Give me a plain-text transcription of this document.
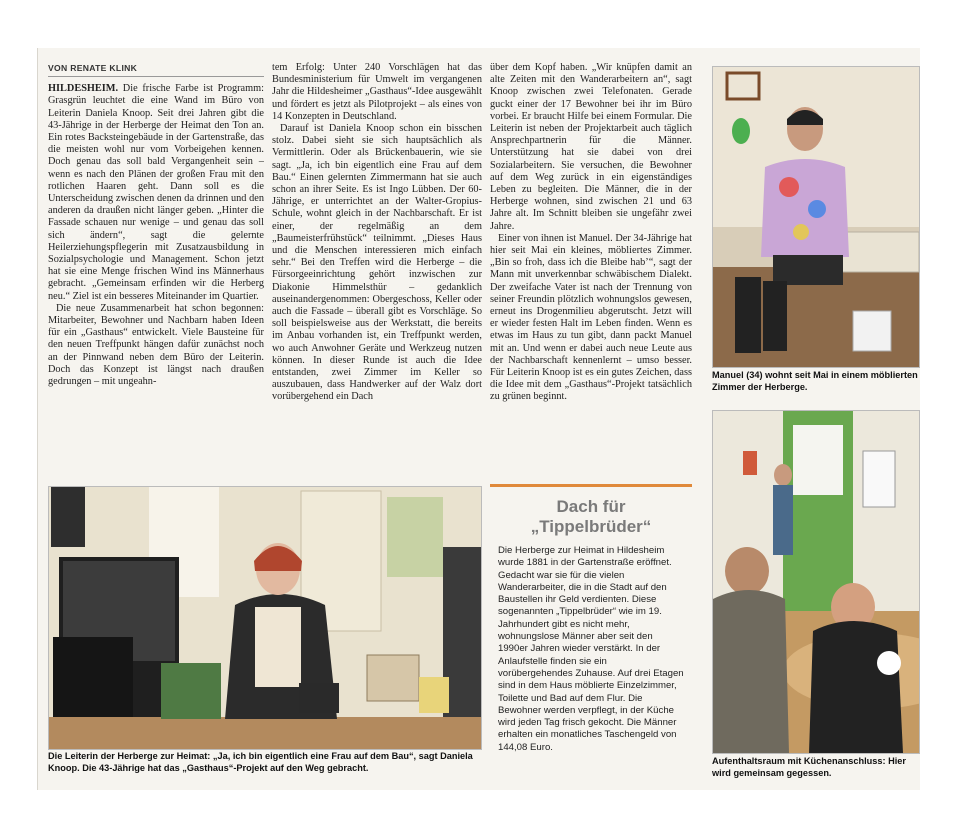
VON RENATE KLINK

HILDESHEIM. Die frische Farbe ist Programm: Grasgrün leuchtet die eine Wand im Büro von Leiterin Daniela Knoop. Seit drei Jahren gibt die 43-Jährige in der Herberge der Heimat den Ton an. Ein rotes Backsteingebäude in der Gartenstraße, das die meisten wohl nur vom Vorbeigehen kennen. Doch genau das soll bald Vergangenheit sein – wenn es nach den Plänen der großen Frau mit den rotlichen Haaren geht. Dann soll es die Unterscheidung zwischen denen da drinnen und den anderen da draußen nicht länger geben. „Hinter die Fassade schauen nur wenige – und genau das soll sich ändern“, sagt die gelernte Heilerziehungspflegerin mit Zusatzausbildung in Sozialpsychologie und Management. Schon jetzt hat sie eine Menge frischen Wind ins Männerhaus gebracht. „Gemeinsam erfinden wir die Herberg neu.“ Ziel ist ein besseres Miteinander im Quartier.

Die neue Zusammenarbeit hat schon begonnen: Mitarbeiter, Bewohner und Nachbarn haben Ideen für ein „Gasthaus“ entwickelt. Viele Bausteine für den neuen Treffpunkt hängen dafür zunächst noch an der Pinnwand neben dem Büro der Leiterin. Doch das Konzept ist längst nach draußen gedrungen – mit ungeahn-

tem Erfolg: Unter 240 Vorschlägen hat das Bundesministerium für Umwelt im vergangenen Jahr die Hildesheimer „Gasthaus“-Idee ausgewählt und fördert es jetzt als Pilotprojekt – als eines von 14 Konzepten in Deutschland.

Darauf ist Daniela Knoop schon ein bisschen stolz. Dabei sieht sie sich hauptsächlich als Vermittlerin. Oder als Brückenbauerin, wie sie sagt. „Ja, ich bin eigentlich eine Frau auf dem Bau.“ Einen gelernten Zimmermann hat sie auch schon an ihrer Seite. Es ist Ingo Lübben. Der 60-Jährige, er unterrichtet an der Walter-Gropius-Schule, wohnt gleich in der Nachbarschaft. Er ist einer, der regelmäßig an dem „Baumeisterfrühstück“ teilnimmt. „Dieses Haus und die Menschen interessieren mich einfach sehr.“ Bei den Treffen wird die Herberge – die Fürsorgeeinrichtung gehört inzwischen zur Diakonie Himmelsthür – gedanklich auseinandergenommen: Obergeschoss, Keller oder auch die Fassade – überall gibt es Vorschläge. So soll beispielsweise aus der Werkstatt, die bereits im Anbau vorhanden ist, ein Treffpunkt werden, wo auch Anwohner Geräte und Werkzeug nutzen können. In dieser Runde ist auch die Idee entstanden, zwei Zimmer im Keller so auszubauen, dass Handwerker auf der Walz dort vorübergehend ein Dach

über dem Kopf haben. „Wir knüpfen damit an alte Zeiten mit den Wanderarbeitern an“, sagt Knoop zwischen zwei Telefonaten. Gerade guckt einer der 17 Bewohner bei ihr im Büro vorbei. Er braucht Hilfe bei einem Formular. Die Leiterin ist neben der Projektarbeit auch täglich Ansprechpartnerin für die Männer. Unterstützung hat sie dabei von drei Sozialarbeitern. Sie versuchen, die Bewohner auf dem Weg zurück in ein eigenständiges Leben zu begleiten. Die Männer, die in der Herberge wohnen, sind zwischen 21 und 63 Jahre alt. Im Schnitt bleiben sie ungefähr zwei Jahre.

Einer von ihnen ist Manuel. Der 34-Jährige hat hier seit Mai ein kleines, möbliertes Zimmer. „Bin so froh, dass ich die Bleibe hab’“, sagt der Mann mit unverkennbar schwäbischem Dialekt. Der zweifache Vater ist nach der Trennung von seiner Freundin plötzlich wohnungslos gewesen, erneut ins Drogenmilieu abgerutscht. Jetzt will er wieder festen Halt im Leben finden. Wenn es etwas im Haus zu tun gibt, dann packt Manuel mit an. Und wenn er dabei auch neue Leute aus der Nachbarschaft kennenlernt – umso besser. Für Leiterin Knoop ist es ein gutes Zeichen, dass die Idee mit dem „Gasthaus“-Projekt tatsächlich zu grünen beginnt.

Manuel (34) wohnt seit Mai in einem möblierten Zimmer der Herberge.
Die Leiterin der Herberge zur Heimat: „Ja, ich bin eigentlich eine Frau auf dem Bau“, sagt Daniela Knoop. Die 43-Jährige hat das „Gasthaus“-Projekt auf den Weg gebracht.
Dach für
„Tippelbrüder“

Die Herberge zur Heimat in Hildesheim wurde 1881 in der Gartenstraße eröffnet. Gedacht war sie für die vielen Wanderarbeiter, die in die Stadt auf den Baustellen ihr Geld verdienten. Diese sogenannten „Tippelbrüder“ wie im 19. Jahrhundert gibt es nicht mehr, wohnungslose Männer aber seit den 1990er Jahren wieder verstärkt. In der Anlaufstelle finden sie ein vorübergehendes Zuhause. Auf drei Etagen sind in dem Haus möblierte Einzelzimmer, Toilette und Bad auf dem Flur. Die Bewohner werden verpflegt, in der Küche wird jeden Tag frisch gekocht. Die Männer erhalten ein monatliches Taschengeld von 144,08 Euro.

Aufenthaltsraum mit Küchenanschluss: Hier wird gemeinsam gegessen.
